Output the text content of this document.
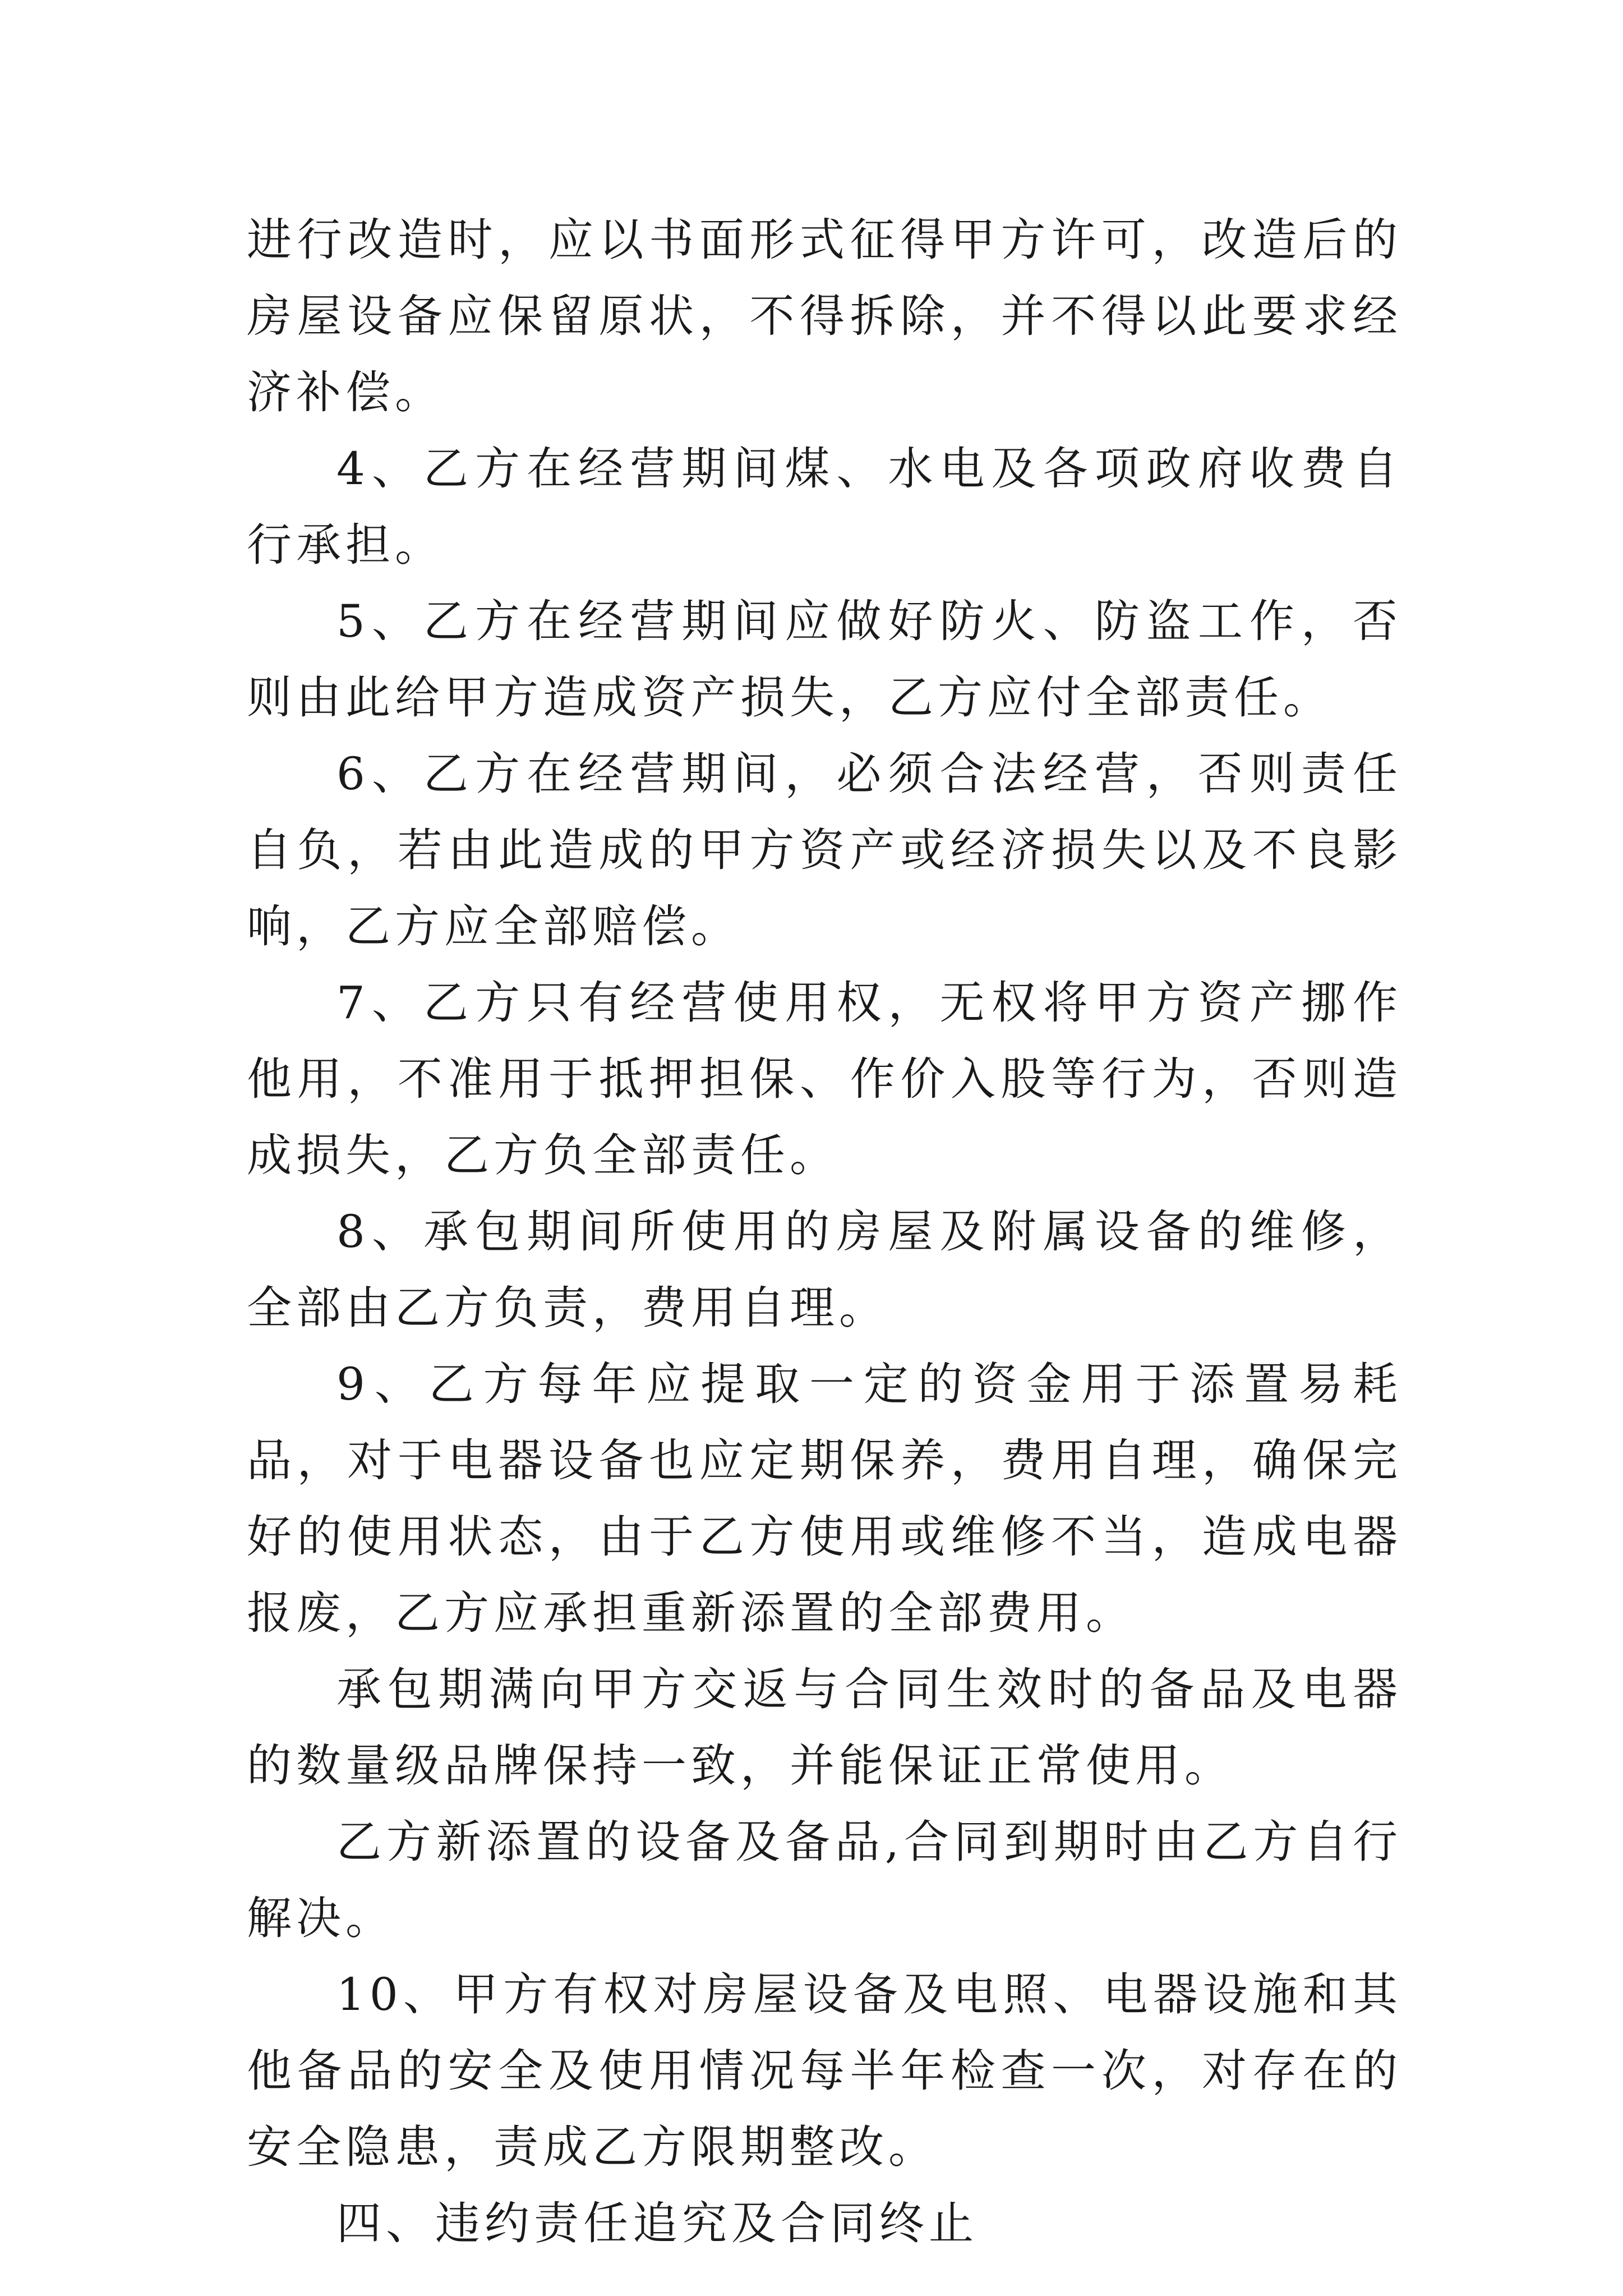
进行改造时，应以书面形式征得甲方许可，改造后的房屋设备应保留原状，不得拆除，并不得以此要求经济补偿。

4、乙方在经营期间煤、水电及各项政府收费自行承担。

5、乙方在经营期间应做好防火、防盗工作，否则由此给甲方造成资产损失，乙方应付全部责任。

6、乙方在经营期间，必须合法经营，否则责任自负，若由此造成的甲方资产或经济损失以及不良影响，乙方应全部赔偿。

7、乙方只有经营使用权，无权将甲方资产挪作他用，不准用于抵押担保、作价入股等行为，否则造成损失，乙方负全部责任。

8、承包期间所使用的房屋及附属设备的维修，全部由乙方负责，费用自理。

9、乙方每年应提取一定的资金用于添置易耗品，对于电器设备也应定期保养，费用自理，确保完好的使用状态，由于乙方使用或维修不当，造成电器报废，乙方应承担重新添置的全部费用。

承包期满向甲方交返与合同生效时的备品及电器的数量级品牌保持一致，并能保证正常使用。

乙方新添置的设备及备品,合同到期时由乙方自行解决。

10、甲方有权对房屋设备及电照、电器设施和其他备品的安全及使用情况每半年检查一次，对存在的安全隐患，责成乙方限期整改。

四、违约责任追究及合同终止
